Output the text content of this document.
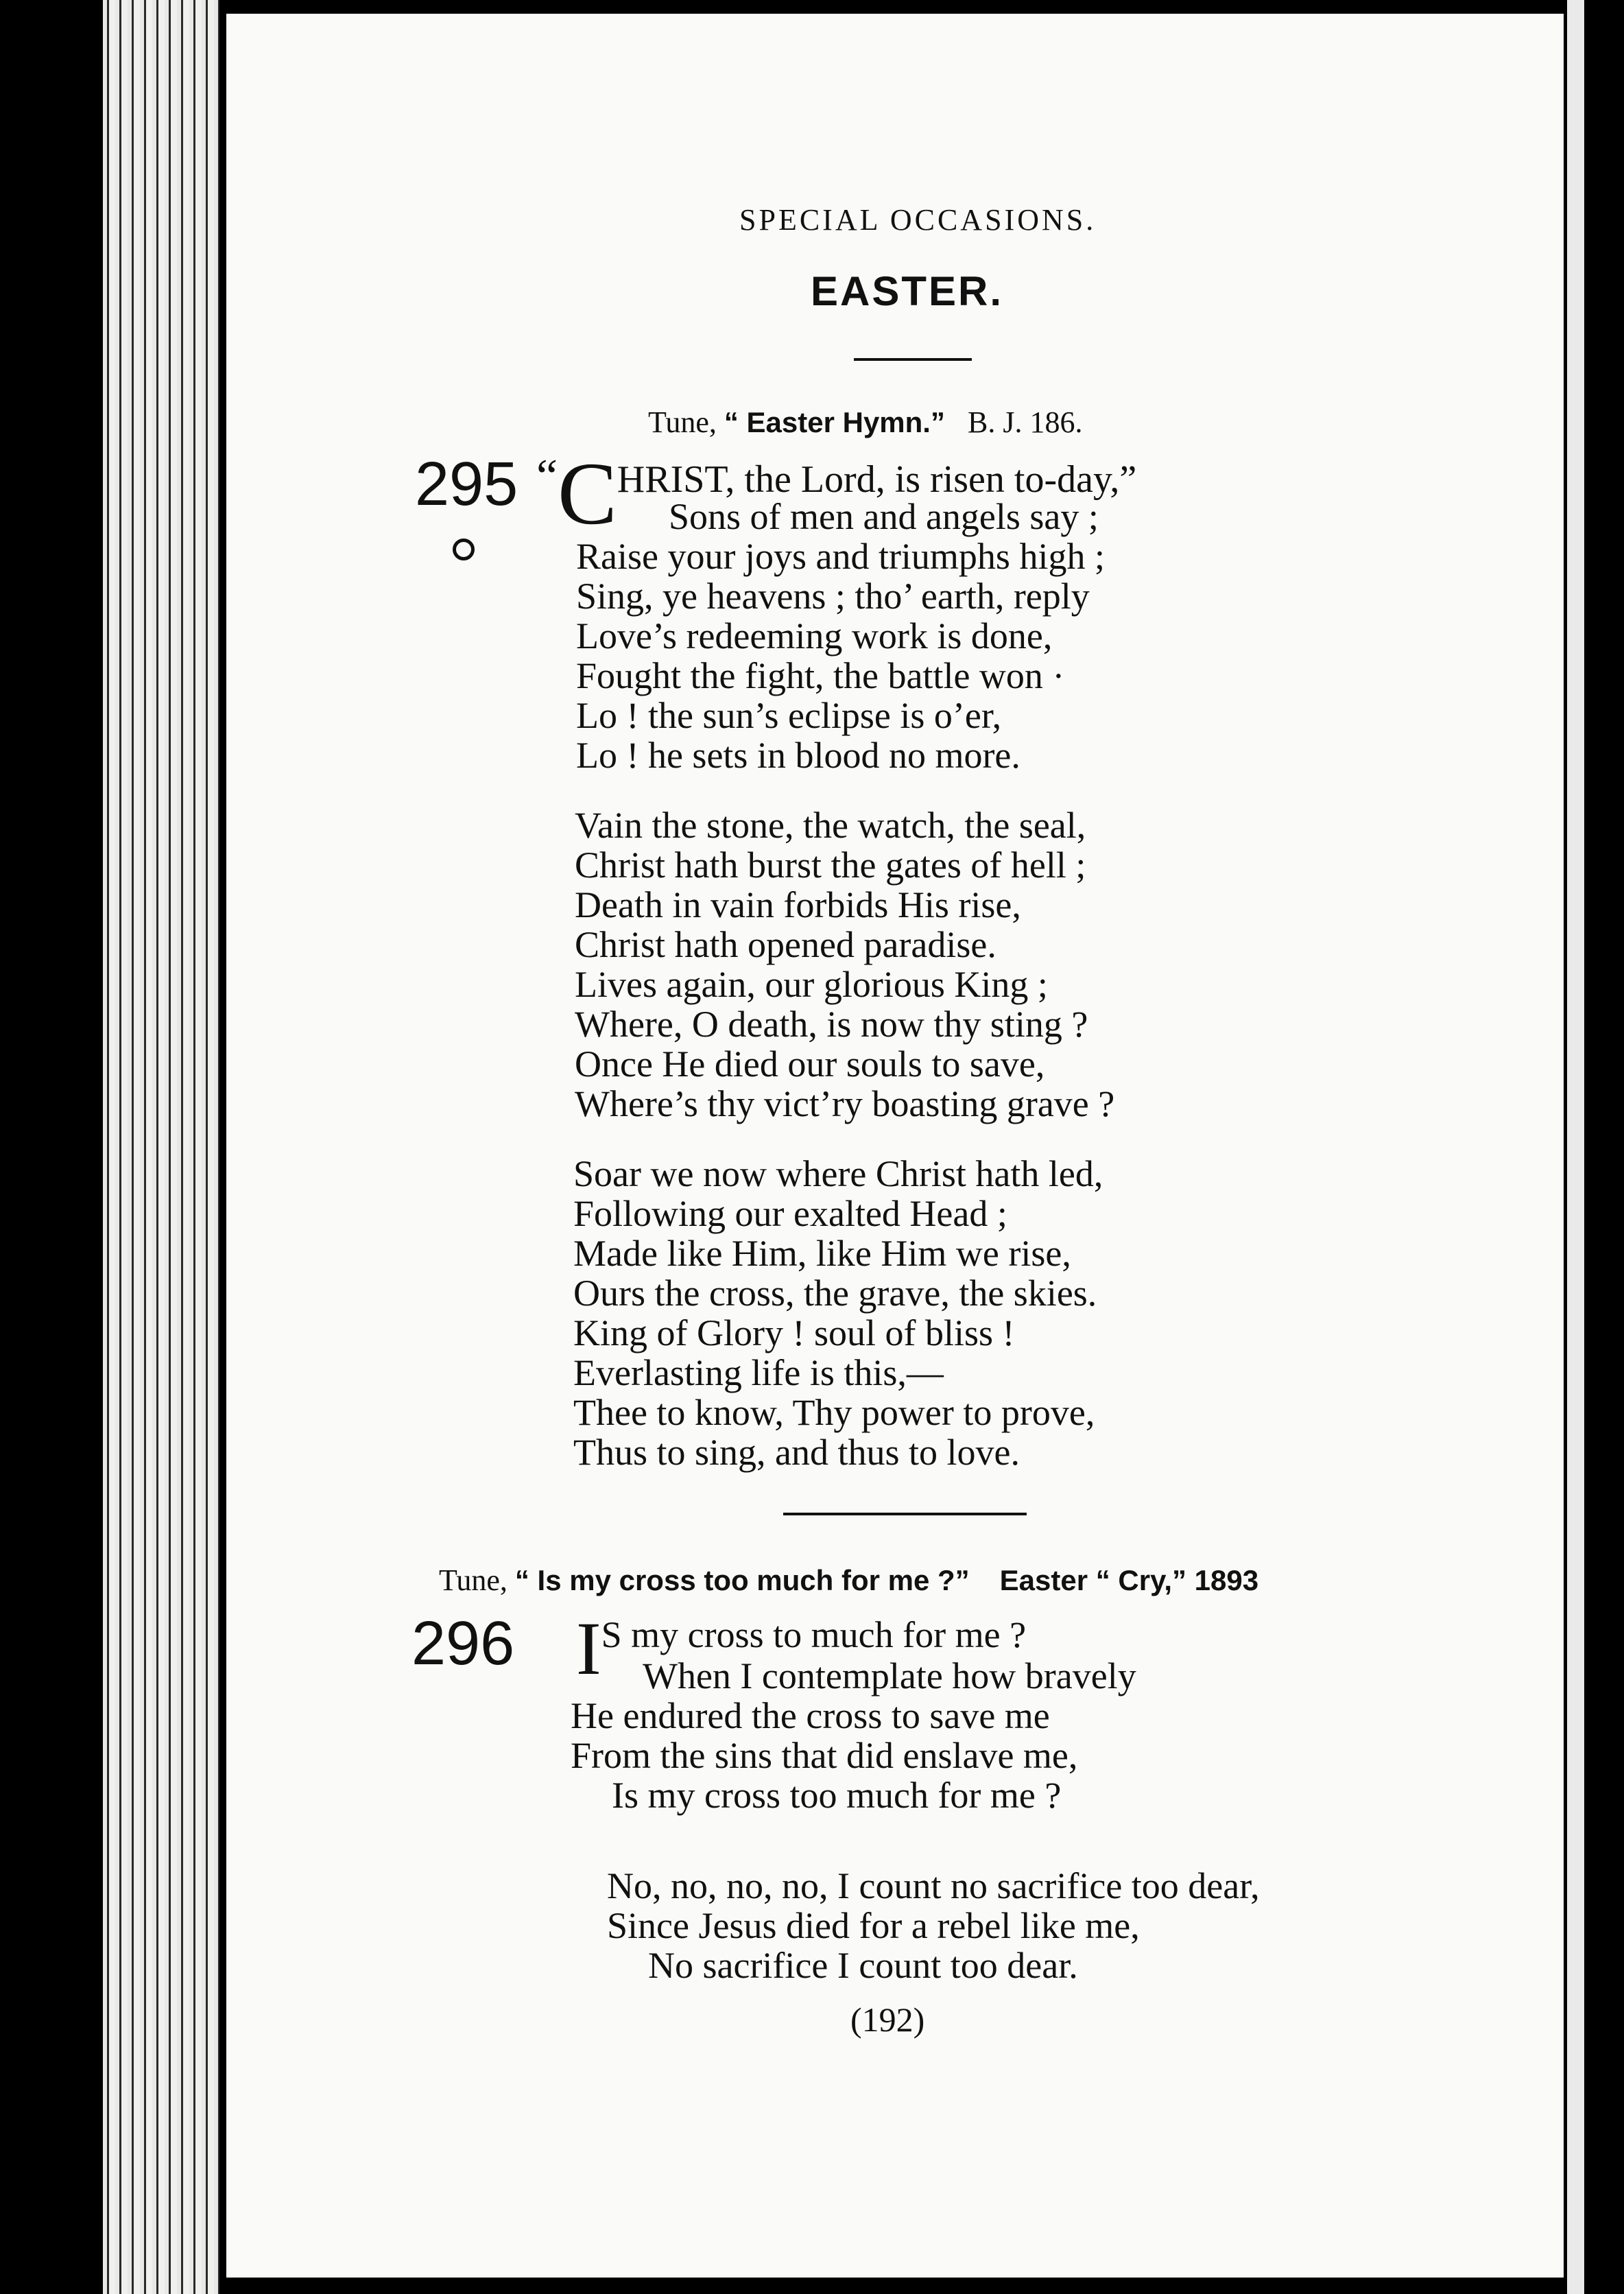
SPECIAL OCCASIONS.
EASTER.
Tune, “ Easter Hymn.” B. J. 186.
295 “CHRIST, the Lord, is risen to-day,”
Sons of men and angels say ;
Raise your joys and triumphs high ;
Sing, ye heavens ; tho’ earth, reply
Love’s redeeming work is done,
Fought the fight, the battle won ·
Lo ! the sun’s eclipse is o’er,
Lo ! he sets in blood no more.
Vain the stone, the watch, the seal,
Christ hath burst the gates of hell ;
Death in vain forbids His rise,
Christ hath opened paradise.
Lives again, our glorious King ;
Where, O death, is now thy sting ?
Once He died our souls to save,
Where’s thy vict’ry boasting grave ?
Soar we now where Christ hath led,
Following our exalted Head ;
Made like Him, like Him we rise,
Ours the cross, the grave, the skies.
King of Glory ! soul of bliss !
Everlasting life is this,—
Thee to know, Thy power to prove,
Thus to sing, and thus to love.
Tune, “ Is my cross too much for me ?” Easter “ Cry,” 1893
296 IS my cross to much for me ?
When I contemplate how bravely
He endured the cross to save me
From the sins that did enslave me,
Is my cross too much for me ?
No, no, no, no, I count no sacrifice too dear,
Since Jesus died for a rebel like me,
No sacrifice I count too dear.
(192)
